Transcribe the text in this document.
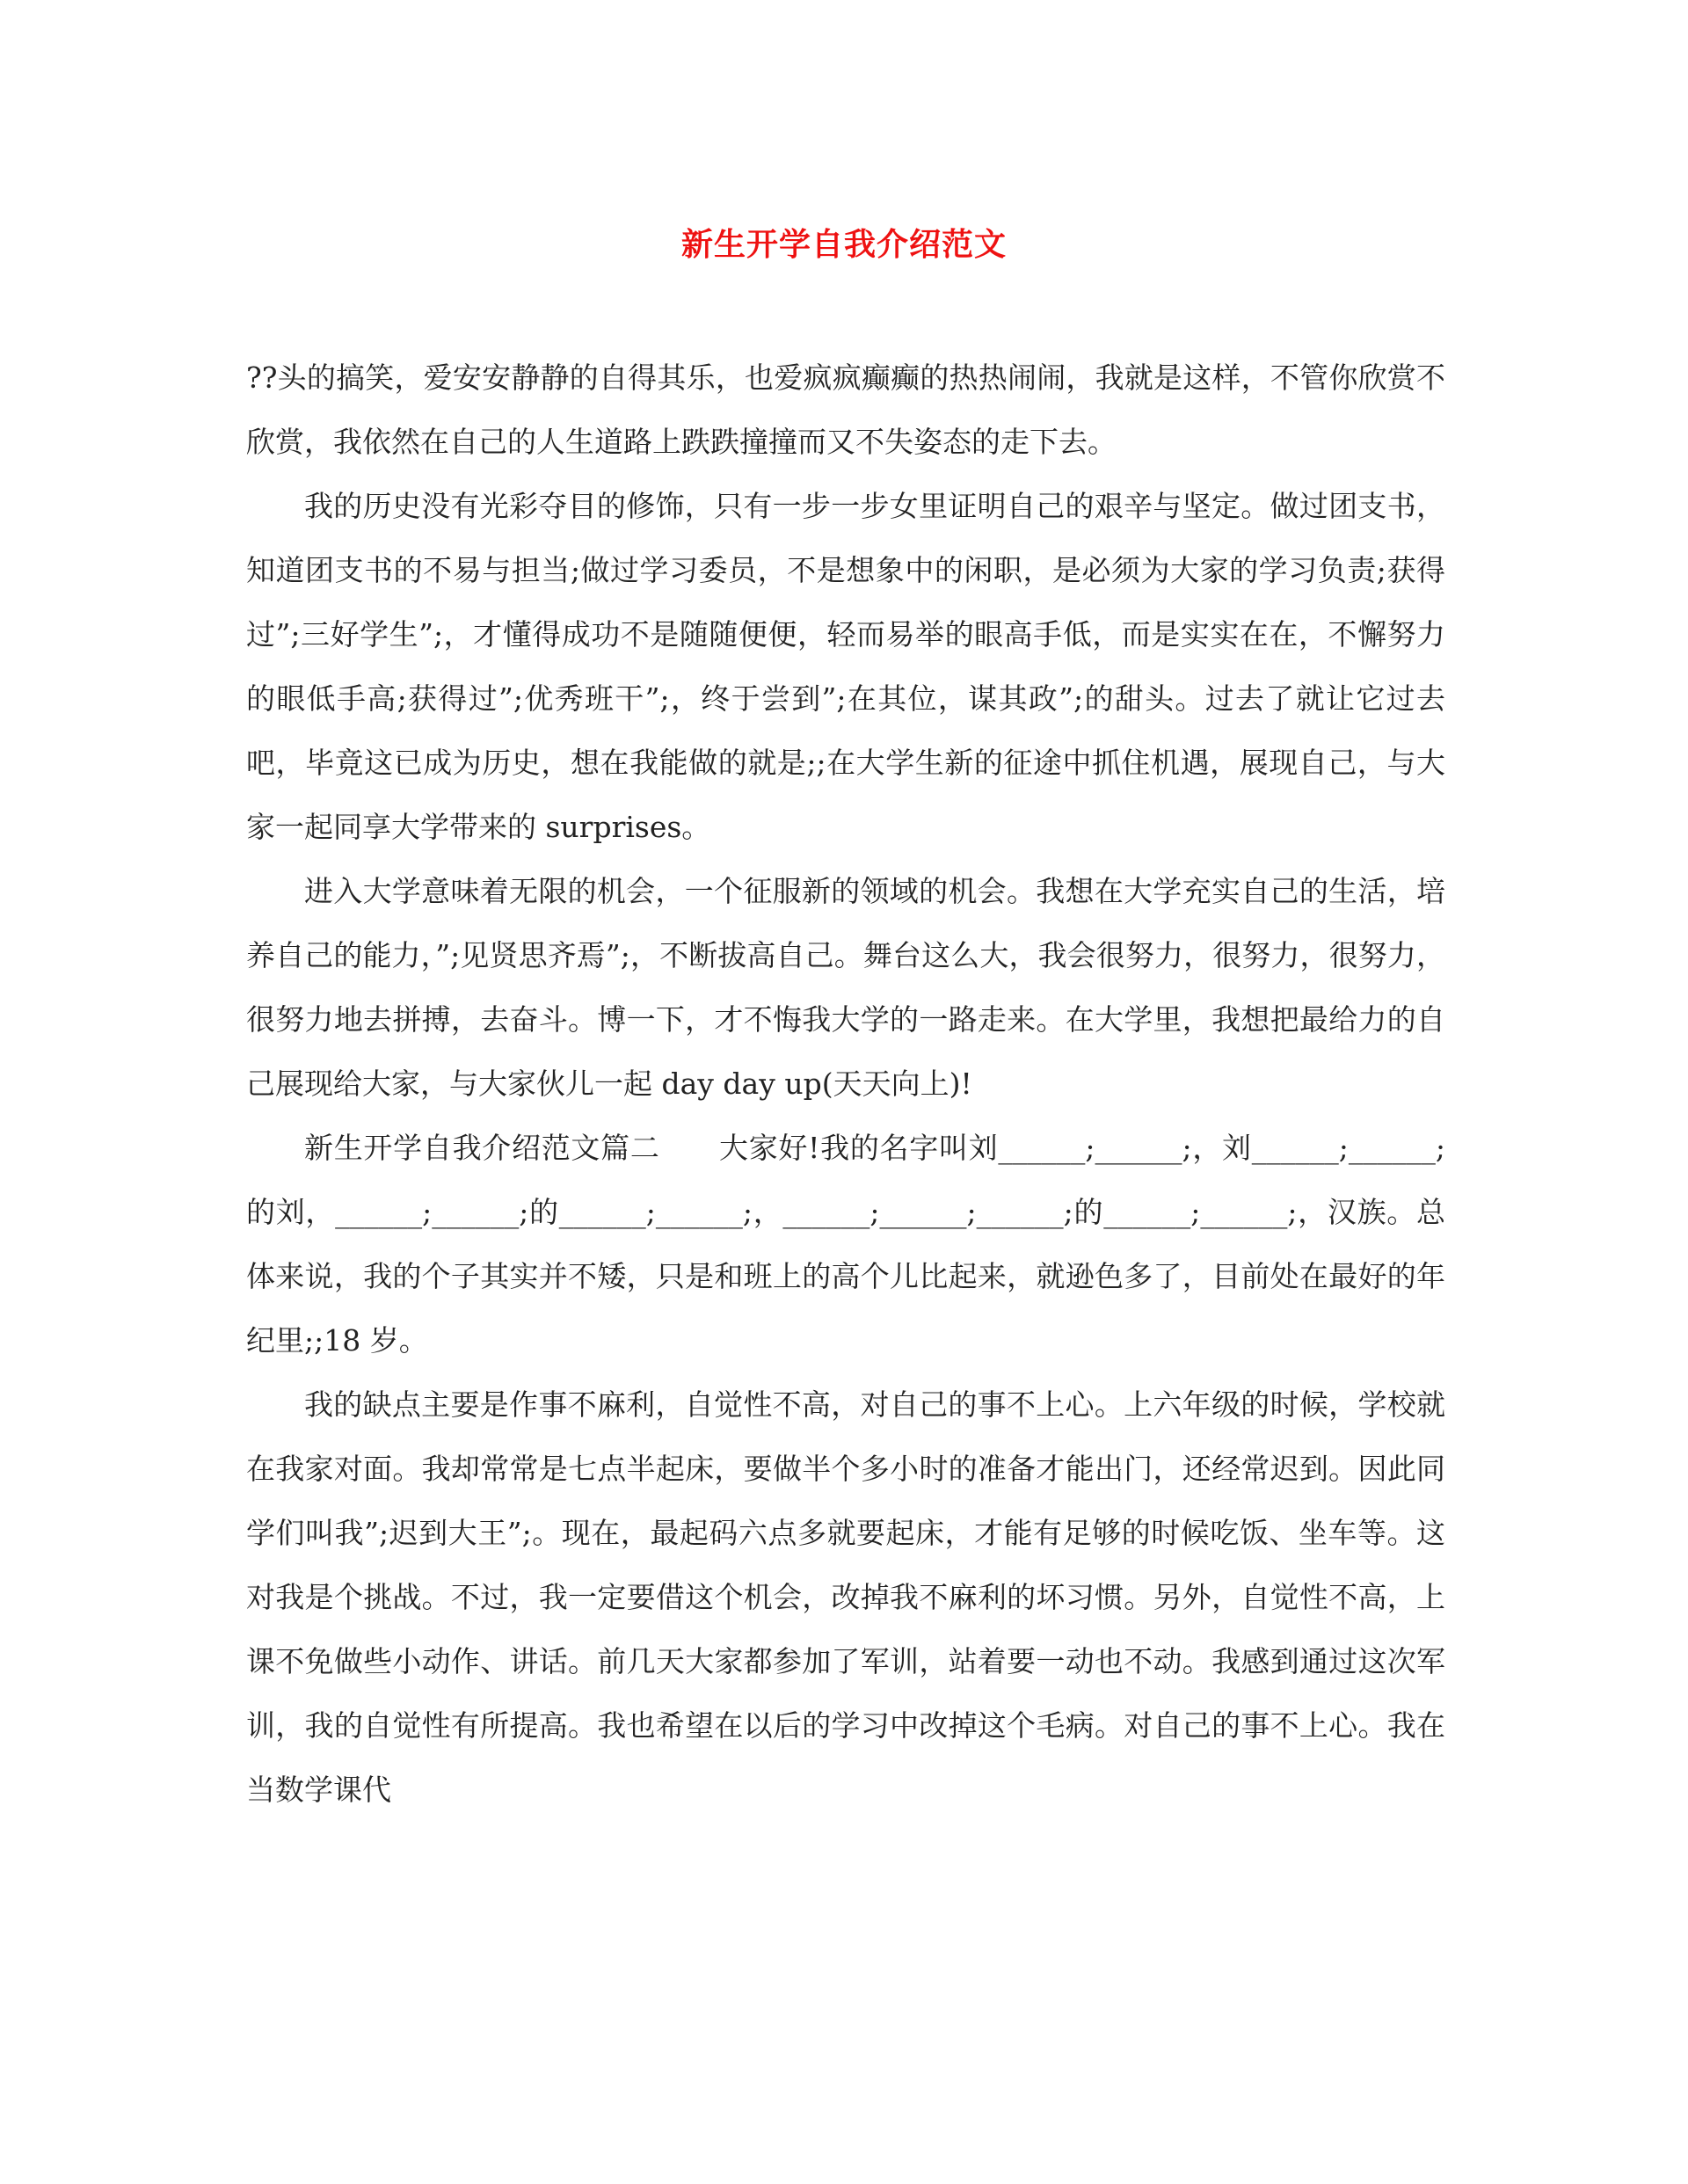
新生开学自我介绍范文

??头的搞笑，爱安安静静的自得其乐，也爱疯疯癫癫的热热闹闹，我就是这样，不管你欣赏不欣赏，我依然在自己的人生道路上跌跌撞撞而又不失姿态的走下去。

我的历史没有光彩夺目的修饰，只有一步一步女里证明自己的艰辛与坚定。做过团支书，知道团支书的不易与担当;做过学习委员，不是想象中的闲职，是必须为大家的学习负责;获得过”;三好学生”;，才懂得成功不是随随便便，轻而易举的眼高手低，而是实实在在，不懈努力的眼低手高;获得过”;优秀班干”;，终于尝到”;在其位，谋其政”;的甜头。过去了就让它过去吧，毕竟这已成为历史，想在我能做的就是;;在大学生新的征途中抓住机遇，展现自己，与大家一起同享大学带来的 surprises。

进入大学意味着无限的机会，一个征服新的领域的机会。我想在大学充实自己的生活，培养自己的能力，”;见贤思齐焉”;，不断拔高自己。舞台这么大，我会很努力，很努力，很努力，很努力地去拼搏，去奋斗。博一下，才不悔我大学的一路走来。在大学里，我想把最给力的自己展现给大家，与大家伙儿一起 day day up(天天向上)!

新生开学自我介绍范文篇二　　大家好!我的名字叫刘______;______;，刘______;______;的刘，______;______;的______;______;，______;______;______;的______;______;，汉族。总体来说，我的个子其实并不矮，只是和班上的高个儿比起来，就逊色多了，目前处在最好的年纪里;;18 岁。

我的缺点主要是作事不麻利，自觉性不高，对自己的事不上心。上六年级的时候，学校就在我家对面。我却常常是七点半起床，要做半个多小时的准备才能出门，还经常迟到。因此同学们叫我”;迟到大王”;。现在，最起码六点多就要起床，才能有足够的时候吃饭、坐车等。这对我是个挑战。不过，我一定要借这个机会，改掉我不麻利的坏习惯。另外，自觉性不高，上课不免做些小动作、讲话。前几天大家都参加了军训，站着要一动也不动。我感到通过这次军训，我的自觉性有所提高。我也希望在以后的学习中改掉这个毛病。对自己的事不上心。我在当数学课代
